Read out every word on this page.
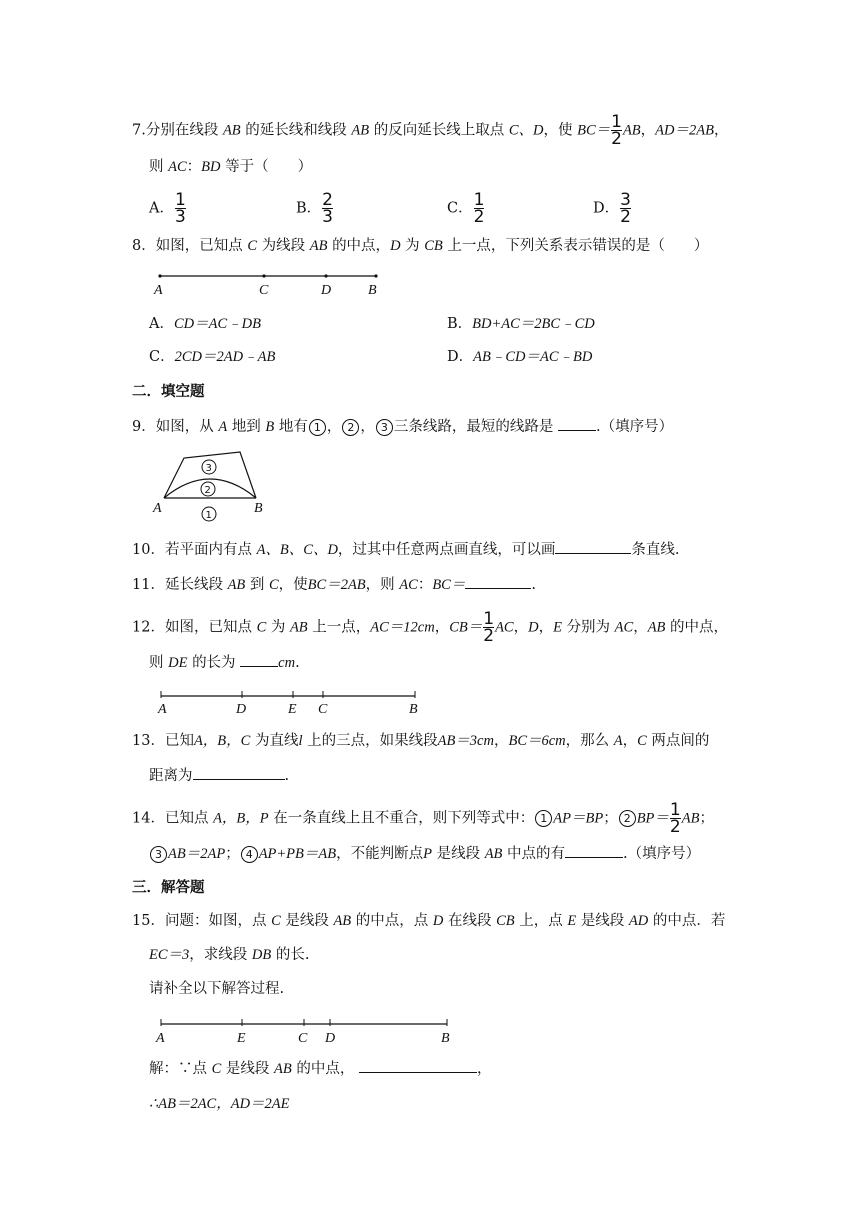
7.分别在线段 AB 的延长线和线段 AB 的反向延长线上取点 C、D，使 $BC= \frac{1}{2}$ AB，AD＝2AB，
则 AC：BD 等于（　　）
A． $\frac{1}{3}$	B． $\frac{2}{3}$	C． $\frac{1}{2}$	D． $\frac{3}{2}$
8．如图，已知点 C 为线段 AB 的中点，D 为 CB 上一点，下列关系表示错误的是（　　）
A	C	D	B
A．CD＝AC﹣DB	B．BD+AC＝2BC﹣CD
C．2CD＝2AD﹣AB	D．AB﹣CD＝AC﹣BD
二．填空题
9．如图，从 A 地到 B 地有 1 ， 2 ， 3 三条线路，最短的线路是	.（填序号）
3
2
1
A	B
10．若平面内有点 A、B、C、D，过其中任意两点画直线，可以画	条直线.
11．延长线段 AB 到 C，使BC＝2AB，则 AC：BC＝	.
12．如图，已知点 C 为 AB 上一点，AC＝12cm，$CB= \frac{1}{2}$ AC，D，E 分别为 AC，AB 的中点，
则 DE 的长为	cm.
A	D	E C	B
13．已知A，B，C 为直线l 上的三点，如果线段AB＝3cm，BC＝6cm，那么 A，C 两点间的
距离为	.
14．已知点 A，B，P 在一条直线上且不重合，则下列等式中： 1 AP＝BP； 2 $BP= \frac{1}{2}$ AB；
3 AB＝2AP； 4 AP+PB＝AB，不能判断点P 是线段 AB 中点的有	.（填序号）
三．解答题
15．问题：如图，点 C 是线段 AB 的中点，点 D 在线段 CB 上，点 E 是线段 AD 的中点．若
EC＝3，求线段 DB 的长.
请补全以下解答过程.
A	E	C D	B
解：∵点 C 是线段 AB 的中点，	，
∴AB＝2AC，AD＝2AE
